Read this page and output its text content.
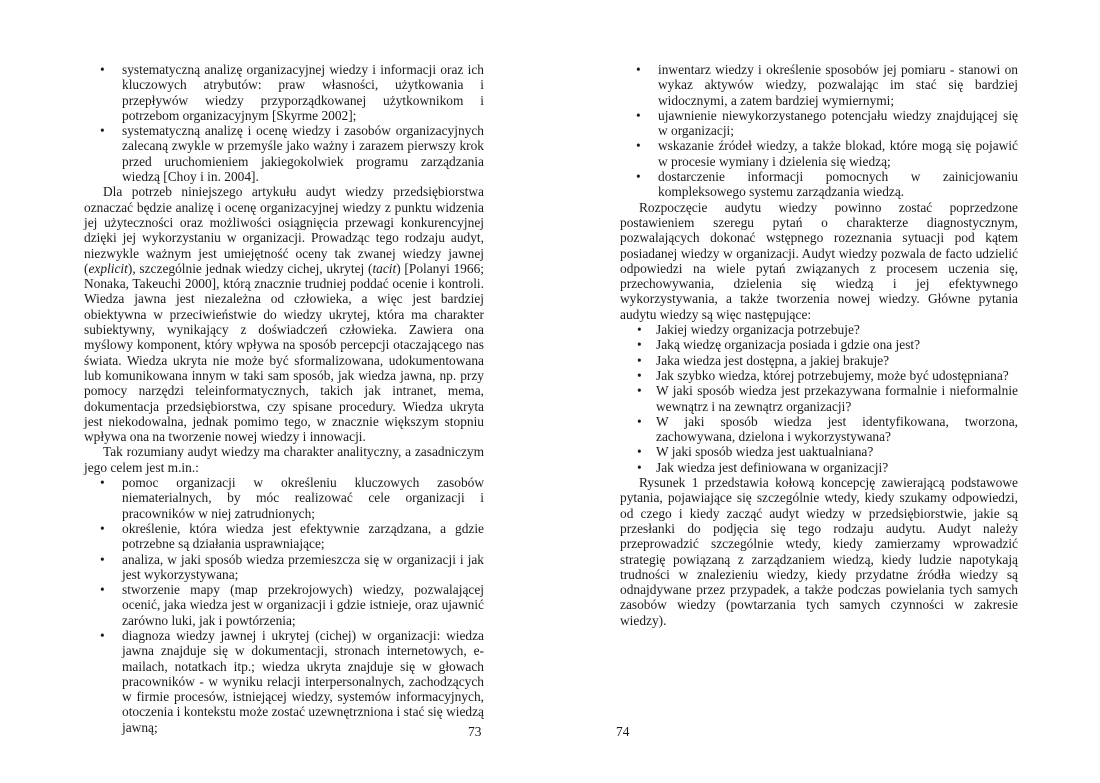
• systematyczną analizę organizacyjnej wiedzy i informacji oraz ich kluczowych atrybutów: praw własności, użytkowania i przepływów wiedzy przyporządkowanej użytkownikom i potrzebom organizacyjnym [Skyrme 2002];
• systematyczną analizę i ocenę wiedzy i zasobów organizacyjnych zalecaną zwykle w przemyśle jako ważny i zarazem pierwszy krok przed uruchomieniem jakiegokolwiek programu zarządzania wiedzą [Choy i in. 2004].

Dla potrzeb niniejszego artykułu audyt wiedzy przedsiębiorstwa oznaczać będzie analizę i ocenę organizacyjnej wiedzy z punktu widzenia jej użyteczności oraz możliwości osiągnięcia przewagi konkurencyjnej dzięki jej wykorzystaniu w organizacji. Prowadząc tego rodzaju audyt, niezwykle ważnym jest umiejętność oceny tak zwanej wiedzy jawnej (explicit), szczególnie jednak wiedzy cichej, ukrytej (tacit) [Polanyi 1966; Nonaka, Takeuchi 2000], którą znacznie trudniej poddać ocenie i kontroli. Wiedza jawna jest niezależna od człowieka, a więc jest bardziej obiektywna w przeciwieństwie do wiedzy ukrytej, która ma charakter subiektywny, wynikający z doświadczeń człowieka. Zawiera ona myślowy komponent, który wpływa na sposób percepcji otaczającego nas świata. Wiedza ukryta nie może być sformalizowana, udokumentowana lub komunikowana innym w taki sam sposób, jak wiedza jawna, np. przy pomocy narzędzi teleinformatycznych, takich jak intranet, mema, dokumentacja przedsiębiorstwa, czy spisane procedury. Wiedza ukryta jest niekodowalna, jednak pomimo tego, w znacznie większym stopniu wpływa ona na tworzenie nowej wiedzy i innowacji.

Tak rozumiany audyt wiedzy ma charakter analityczny, a zasadniczym jego celem jest m.in.:

• pomoc organizacji w określeniu kluczowych zasobów niematerialnych, by móc realizować cele organizacji i pracowników w niej zatrudnionych;
• określenie, która wiedza jest efektywnie zarządzana, a gdzie potrzebne są działania usprawniające;
• analiza, w jaki sposób wiedza przemieszcza się w organizacji i jak jest wykorzystywana;
• stworzenie mapy (map przekrojowych) wiedzy, pozwalającej ocenić, jaka wiedza jest w organizacji i gdzie istnieje, oraz ujawnić zarówno luki, jak i powtórzenia;
• diagnoza wiedzy jawnej i ukrytej (cichej) w organizacji: wiedza jawna znajduje się w dokumentacji, stronach internetowych, e-mailach, notatkach itp.; wiedza ukryta znajduje się w głowach pracowników - w wyniku relacji interpersonalnych, zachodzących w firmie procesów, istniejącej wiedzy, systemów informacyjnych, otoczenia i kontekstu może zostać uzewnętrzniona i stać się wiedzą jawną;
• inwentarz wiedzy i określenie sposobów jej pomiaru - stanowi on wykaz aktywów wiedzy, pozwalając im stać się bardziej widocznymi, a zatem bardziej wymiernymi;
• ujawnienie niewykorzystanego potencjału wiedzy znajdującej się w organizacji;
• wskazanie źródeł wiedzy, a także blokad, które mogą się pojawić w procesie wymiany i dzielenia się wiedzą;
• dostarczenie informacji pomocnych w zainicjowaniu kompleksowego systemu zarządzania wiedzą.

Rozpoczęcie audytu wiedzy powinno zostać poprzedzone postawieniem szeregu pytań o charakterze diagnostycznym, pozwalających dokonać wstępnego rozeznania sytuacji pod kątem posiadanej wiedzy w organizacji. Audyt wiedzy pozwala de facto udzielić odpowiedzi na wiele pytań związanych z procesem uczenia się, przechowywania, dzielenia się wiedzą i jej efektywnego wykorzystywania, a także tworzenia nowej wiedzy. Główne pytania audytu wiedzy są więc następujące:

• Jakiej wiedzy organizacja potrzebuje?
• Jaką wiedzę organizacja posiada i gdzie ona jest?
• Jaka wiedza jest dostępna, a jakiej brakuje?
• Jak szybko wiedza, której potrzebujemy, może być udostępniana?
• W jaki sposób wiedza jest przekazywana formalnie i nieformalnie wewnątrz i na zewnątrz organizacji?
• W jaki sposób wiedza jest identyfikowana, tworzona, zachowywana, dzielona i wykorzystywana?
• W jaki sposób wiedza jest uaktualniana?
• Jak wiedza jest definiowana w organizacji?

Rysunek 1 przedstawia kołową koncepcję zawierającą podstawowe pytania, pojawiające się szczególnie wtedy, kiedy szukamy odpowiedzi, od czego i kiedy zacząć audyt wiedzy w przedsiębiorstwie, jakie są przesłanki do podjęcia się tego rodzaju audytu. Audyt należy przeprowadzić szczególnie wtedy, kiedy zamierzamy wprowadzić strategię powiązaną z zarządzaniem wiedzą, kiedy ludzie napotykają trudności w znalezieniu wiedzy, kiedy przydatne źródła wiedzy są odnajdywane przez przypadek, a także podczas powielania tych samych zasobów wiedzy (powtarzania tych samych czynności w zakresie wiedzy).

73	74
